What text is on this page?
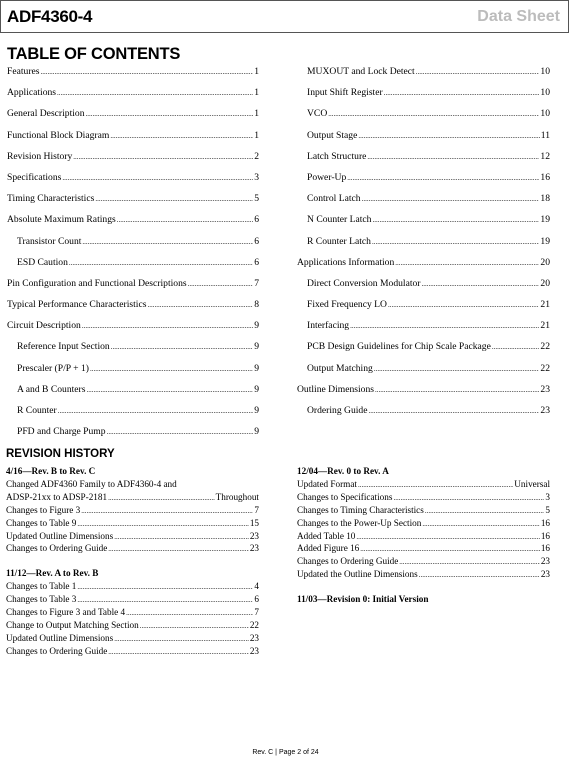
ADF4360-4	Data Sheet
TABLE OF CONTENTS
Features .....	1
Applications .....	1
General Description .....	1
Functional Block Diagram .....	1
Revision History .....	2
Specifications .....	3
Timing Characteristics .....	5
Absolute Maximum Ratings .....	6
Transistor Count .....	6
ESD Caution .....	6
Pin Configuration and Functional Descriptions .....	7
Typical Performance Characteristics .....	8
Circuit Description .....	9
Reference Input Section .....	9
Prescaler (P/P + 1) .....	9
A and B Counters .....	9
R Counter .....	9
PFD and Charge Pump .....	9
MUXOUT and Lock Detect .....	10
Input Shift Register .....	10
VCO .....	10
Output Stage .....	11
Latch Structure .....	12
Power-Up .....	16
Control Latch .....	18
N Counter Latch .....	19
R Counter Latch .....	19
Applications Information .....	20
Direct Conversion Modulator .....	20
Fixed Frequency LO .....	21
Interfacing .....	21
PCB Design Guidelines for Chip Scale Package .....	22
Output Matching .....	22
Outline Dimensions .....	23
Ordering Guide .....	23
REVISION HISTORY
4/16—Rev. B to Rev. C
Changed ADF4360 Family to ADF4360-4 and
ADSP-21xx to ADSP-2181 .....	Throughout
Changes to Figure 3 .....	7
Changes to Table 9 .....	15
Updated Outline Dimensions .....	23
Changes to Ordering Guide .....	23
11/12—Rev. A to Rev. B
Changes to Table 1 .....	4
Changes to Table 3 .....	6
Changes to Figure 3 and Table 4 .....	7
Change to Output Matching Section .....	22
Updated Outline Dimensions .....	23
Changes to Ordering Guide .....	23
12/04—Rev. 0 to Rev. A
Updated Format .....	Universal
Changes to Specifications .....	3
Changes to Timing Characteristics .....	5
Changes to the Power-Up Section .....	16
Added Table 10 .....	16
Added Figure 16 .....	16
Changes to Ordering Guide .....	23
Updated the Outline Dimensions .....	23
11/03—Revision 0: Initial Version
Rev. C | Page 2 of 24
